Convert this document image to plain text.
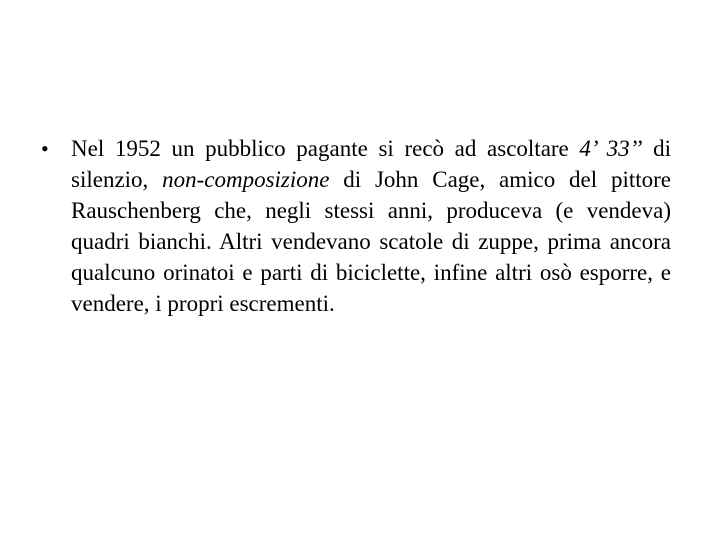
• Nel 1952 un pubblico pagante si recò ad ascoltare 4’ 33’’ di silenzio, non-composizione di John Cage, amico del pittore Rauschenberg che, negli stessi anni, produceva (e vendeva) quadri bianchi. Altri vendevano scatole di zuppe, prima ancora qualcuno orinatoi e parti di biciclette, infine altri osò esporre, e vendere, i propri escrementi.
